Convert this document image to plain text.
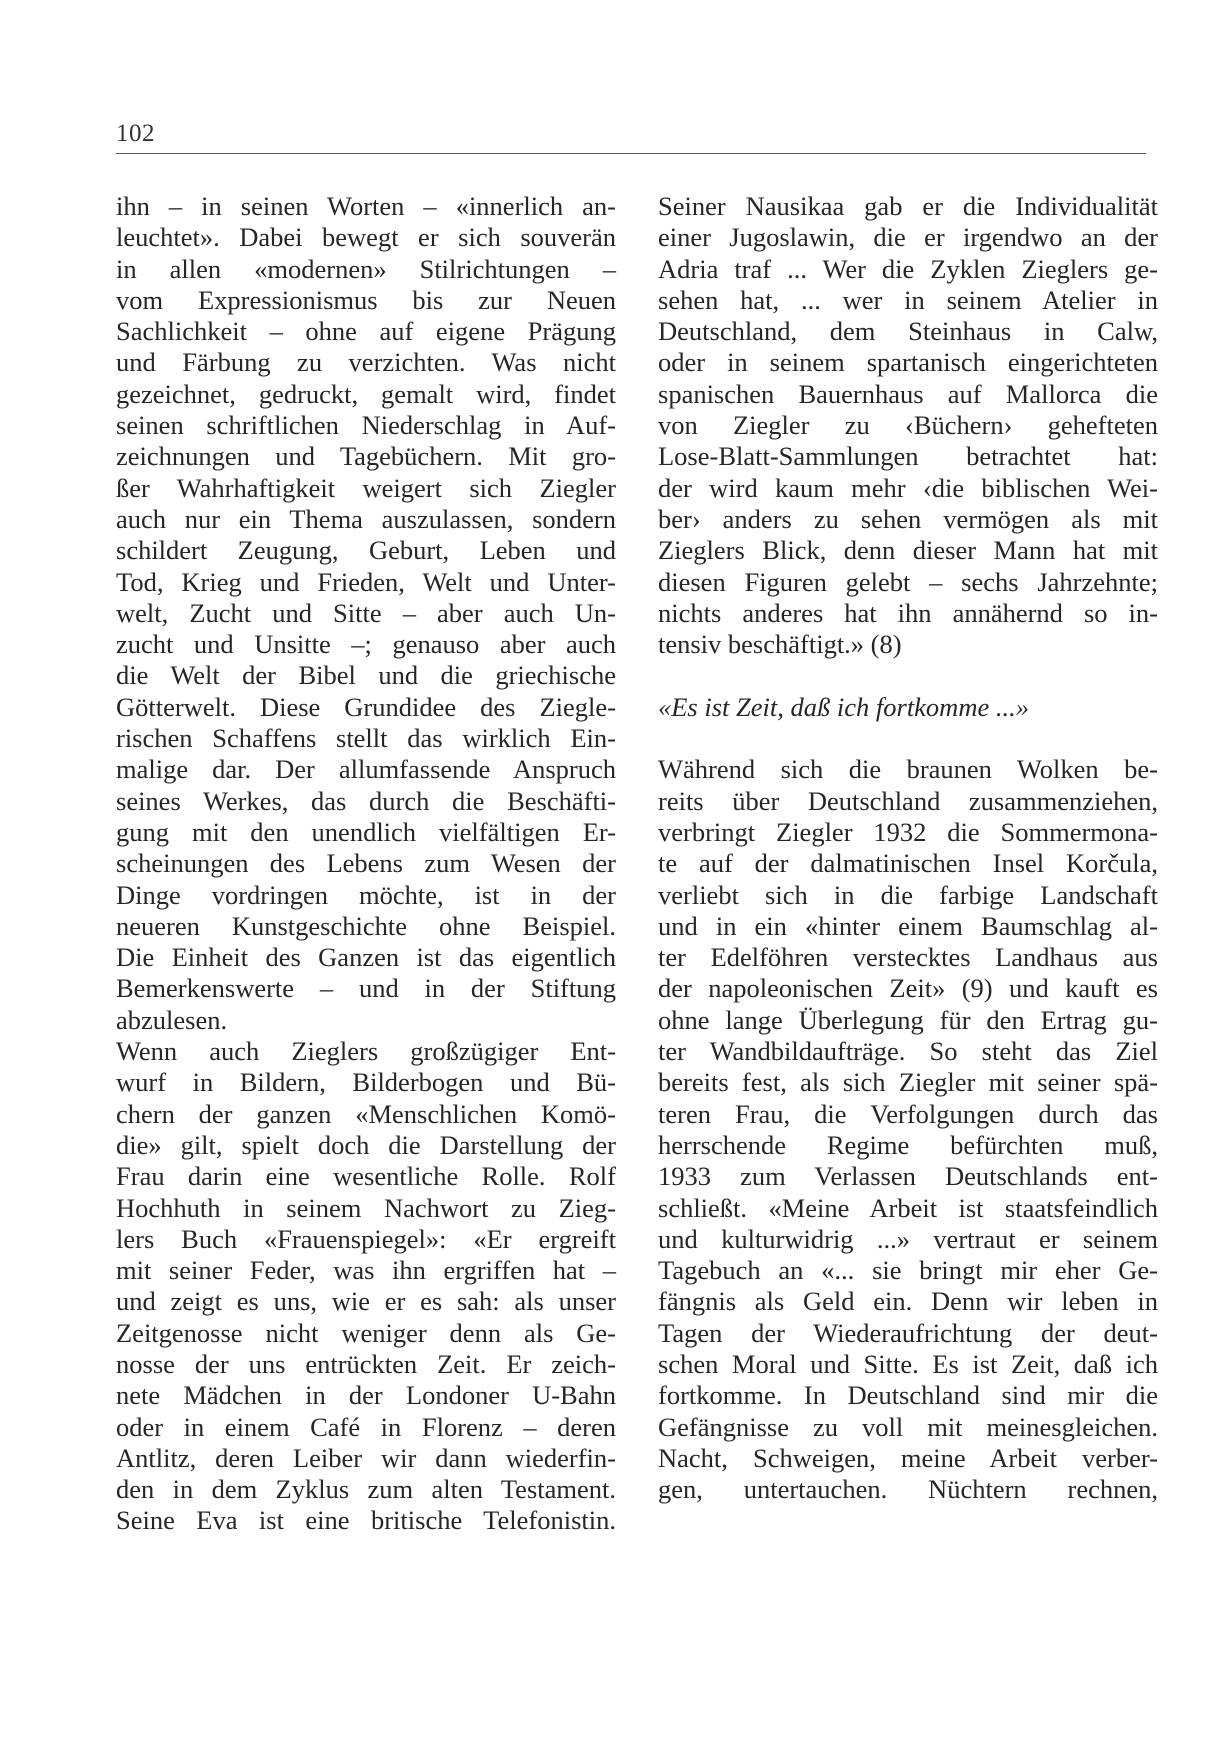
102
ihn – in seinen Worten – «innerlich an-
leuchtet». Dabei bewegt er sich souverän
in allen «modernen» Stilrichtungen –
vom Expressionismus bis zur Neuen
Sachlichkeit – ohne auf eigene Prägung
und Färbung zu verzichten. Was nicht
gezeichnet, gedruckt, gemalt wird, findet
seinen schriftlichen Niederschlag in Auf-
zeichnungen und Tagebüchern. Mit gro-
ßer Wahrhaftigkeit weigert sich Ziegler
auch nur ein Thema auszulassen, sondern
schildert Zeugung, Geburt, Leben und
Tod, Krieg und Frieden, Welt und Unter-
welt, Zucht und Sitte – aber auch Un-
zucht und Unsitte –; genauso aber auch
die Welt der Bibel und die griechische
Götterwelt. Diese Grundidee des Ziegle-
rischen Schaffens stellt das wirklich Ein-
malige dar. Der allumfassende Anspruch
seines Werkes, das durch die Beschäfti-
gung mit den unendlich vielfältigen Er-
scheinungen des Lebens zum Wesen der
Dinge vordringen möchte, ist in der
neueren Kunstgeschichte ohne Beispiel.
Die Einheit des Ganzen ist das eigentlich
Bemerkenswerte – und in der Stiftung
abzulesen.
Wenn auch Zieglers großzügiger Ent-
wurf in Bildern, Bilderbogen und Bü-
chern der ganzen «Menschlichen Komö-
die» gilt, spielt doch die Darstellung der
Frau darin eine wesentliche Rolle. Rolf
Hochhuth in seinem Nachwort zu Zieg-
lers Buch «Frauenspiegel»: «Er ergreift
mit seiner Feder, was ihn ergriffen hat –
und zeigt es uns, wie er es sah: als unser
Zeitgenosse nicht weniger denn als Ge-
nosse der uns entrückten Zeit. Er zeich-
nete Mädchen in der Londoner U-Bahn
oder in einem Café in Florenz – deren
Antlitz, deren Leiber wir dann wiederfin-
den in dem Zyklus zum alten Testament.
Seine Eva ist eine britische Telefonistin.
Seiner Nausikaa gab er die Individualität
einer Jugoslawin, die er irgendwo an der
Adria traf ... Wer die Zyklen Zieglers ge-
sehen hat, ... wer in seinem Atelier in
Deutschland, dem Steinhaus in Calw,
oder in seinem spartanisch eingerichteten
spanischen Bauernhaus auf Mallorca die
von Ziegler zu ‹Büchern› gehefteten
Lose-Blatt-Sammlungen betrachtet hat:
der wird kaum mehr ‹die biblischen Wei-
ber› anders zu sehen vermögen als mit
Zieglers Blick, denn dieser Mann hat mit
diesen Figuren gelebt – sechs Jahrzehnte;
nichts anderes hat ihn annähernd so in-
tensiv beschäftigt.» (8)
«Es ist Zeit, daß ich fortkomme ...»
Während sich die braunen Wolken be-
reits über Deutschland zusammenziehen,
verbringt Ziegler 1932 die Sommermona-
te auf der dalmatinischen Insel Korčula,
verliebt sich in die farbige Landschaft
und in ein «hinter einem Baumschlag al-
ter Edelföhren verstecktes Landhaus aus
der napoleonischen Zeit» (9) und kauft es
ohne lange Überlegung für den Ertrag gu-
ter Wandbildaufträge. So steht das Ziel
bereits fest, als sich Ziegler mit seiner spä-
teren Frau, die Verfolgungen durch das
herrschende Regime befürchten muß,
1933 zum Verlassen Deutschlands ent-
schließt. «Meine Arbeit ist staatsfeindlich
und kulturwidrig ...» vertraut er seinem
Tagebuch an «... sie bringt mir eher Ge-
fängnis als Geld ein. Denn wir leben in
Tagen der Wiederaufrichtung der deut-
schen Moral und Sitte. Es ist Zeit, daß ich
fortkomme. In Deutschland sind mir die
Gefängnisse zu voll mit meinesgleichen.
Nacht, Schweigen, meine Arbeit verber-
gen, untertauchen. Nüchtern rechnen,
